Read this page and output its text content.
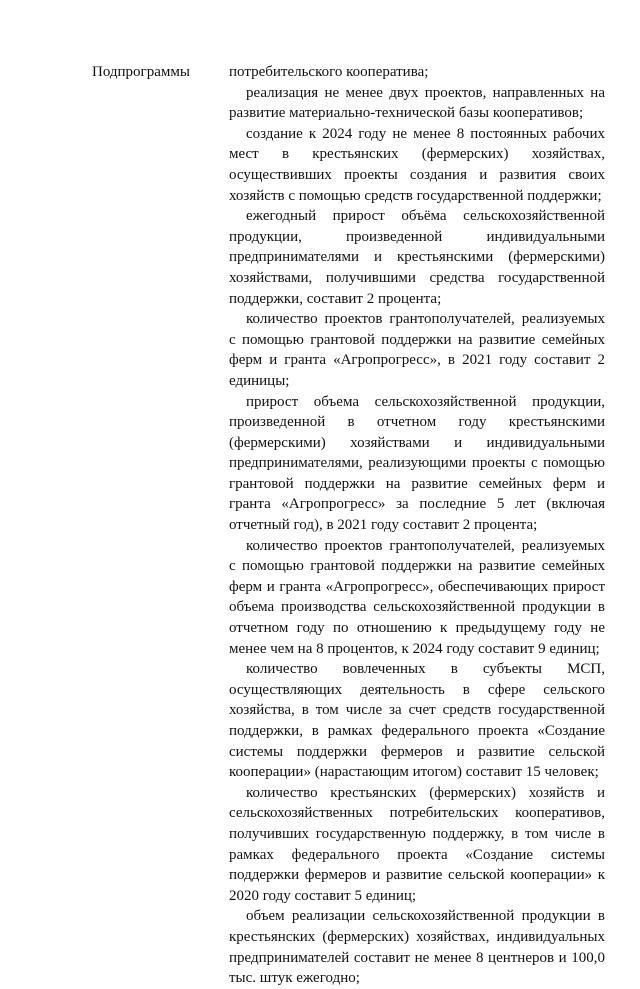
Подпрограммы	потребительского кооператива;

реализация не менее двух проектов, направленных на развитие материально-технической базы кооперативов;

создание к 2024 году не менее 8 постоянных рабочих мест в крестьянских (фермерских) хозяйствах, осуществивших проекты создания и развития своих хозяйств с помощью средств государственной поддержки;

ежегодный прирост объёма сельскохозяйственной продукции, произведенной индивидуальными предпринимателями и крестьянскими (фермерскими) хозяйствами, получившими средства государственной поддержки, составит 2 процента;

количество проектов грантополучателей, реализуемых с помощью грантовой поддержки на развитие семейных ферм и гранта «Агропрогресс», в 2021 году составит 2 единицы;

прирост объема сельскохозяйственной продукции, произведенной в отчетном году крестьянскими (фермерскими) хозяйствами и индивидуальными предпринимателями, реализующими проекты с помощью грантовой поддержки на развитие семейных ферм и гранта «Агропрогресс» за последние 5 лет (включая отчетный год), в 2021 году составит 2 процента;

количество проектов грантополучателей, реализуемых с помощью грантовой поддержки на развитие семейных ферм и гранта «Агропрогресс», обеспечивающих прирост объема производства сельскохозяйственной продукции в отчетном году по отношению к предыдущему году не менее чем на 8 процентов, к 2024 году составит 9 единиц;

количество вовлеченных в субъекты МСП, осуществляющих деятельность в сфере сельского хозяйства, в том числе за счет средств государственной поддержки, в рамках федерального проекта «Создание системы поддержки фермеров и развитие сельской кооперации» (нарастающим итогом) составит 15 человек;

количество крестьянских (фермерских) хозяйств и сельскохозяйственных потребительских кооперативов, получивших государственную поддержку, в том числе в рамках федерального проекта «Создание системы поддержки фермеров и развитие сельской кооперации» к 2020 году составит 5 единиц;

объем реализации сельскохозяйственной продукции в крестьянских (фермерских) хозяйствах, индивидуальных предпринимателей составит не менее 8 центнеров и 100,0 тыс. штук ежегодно;
